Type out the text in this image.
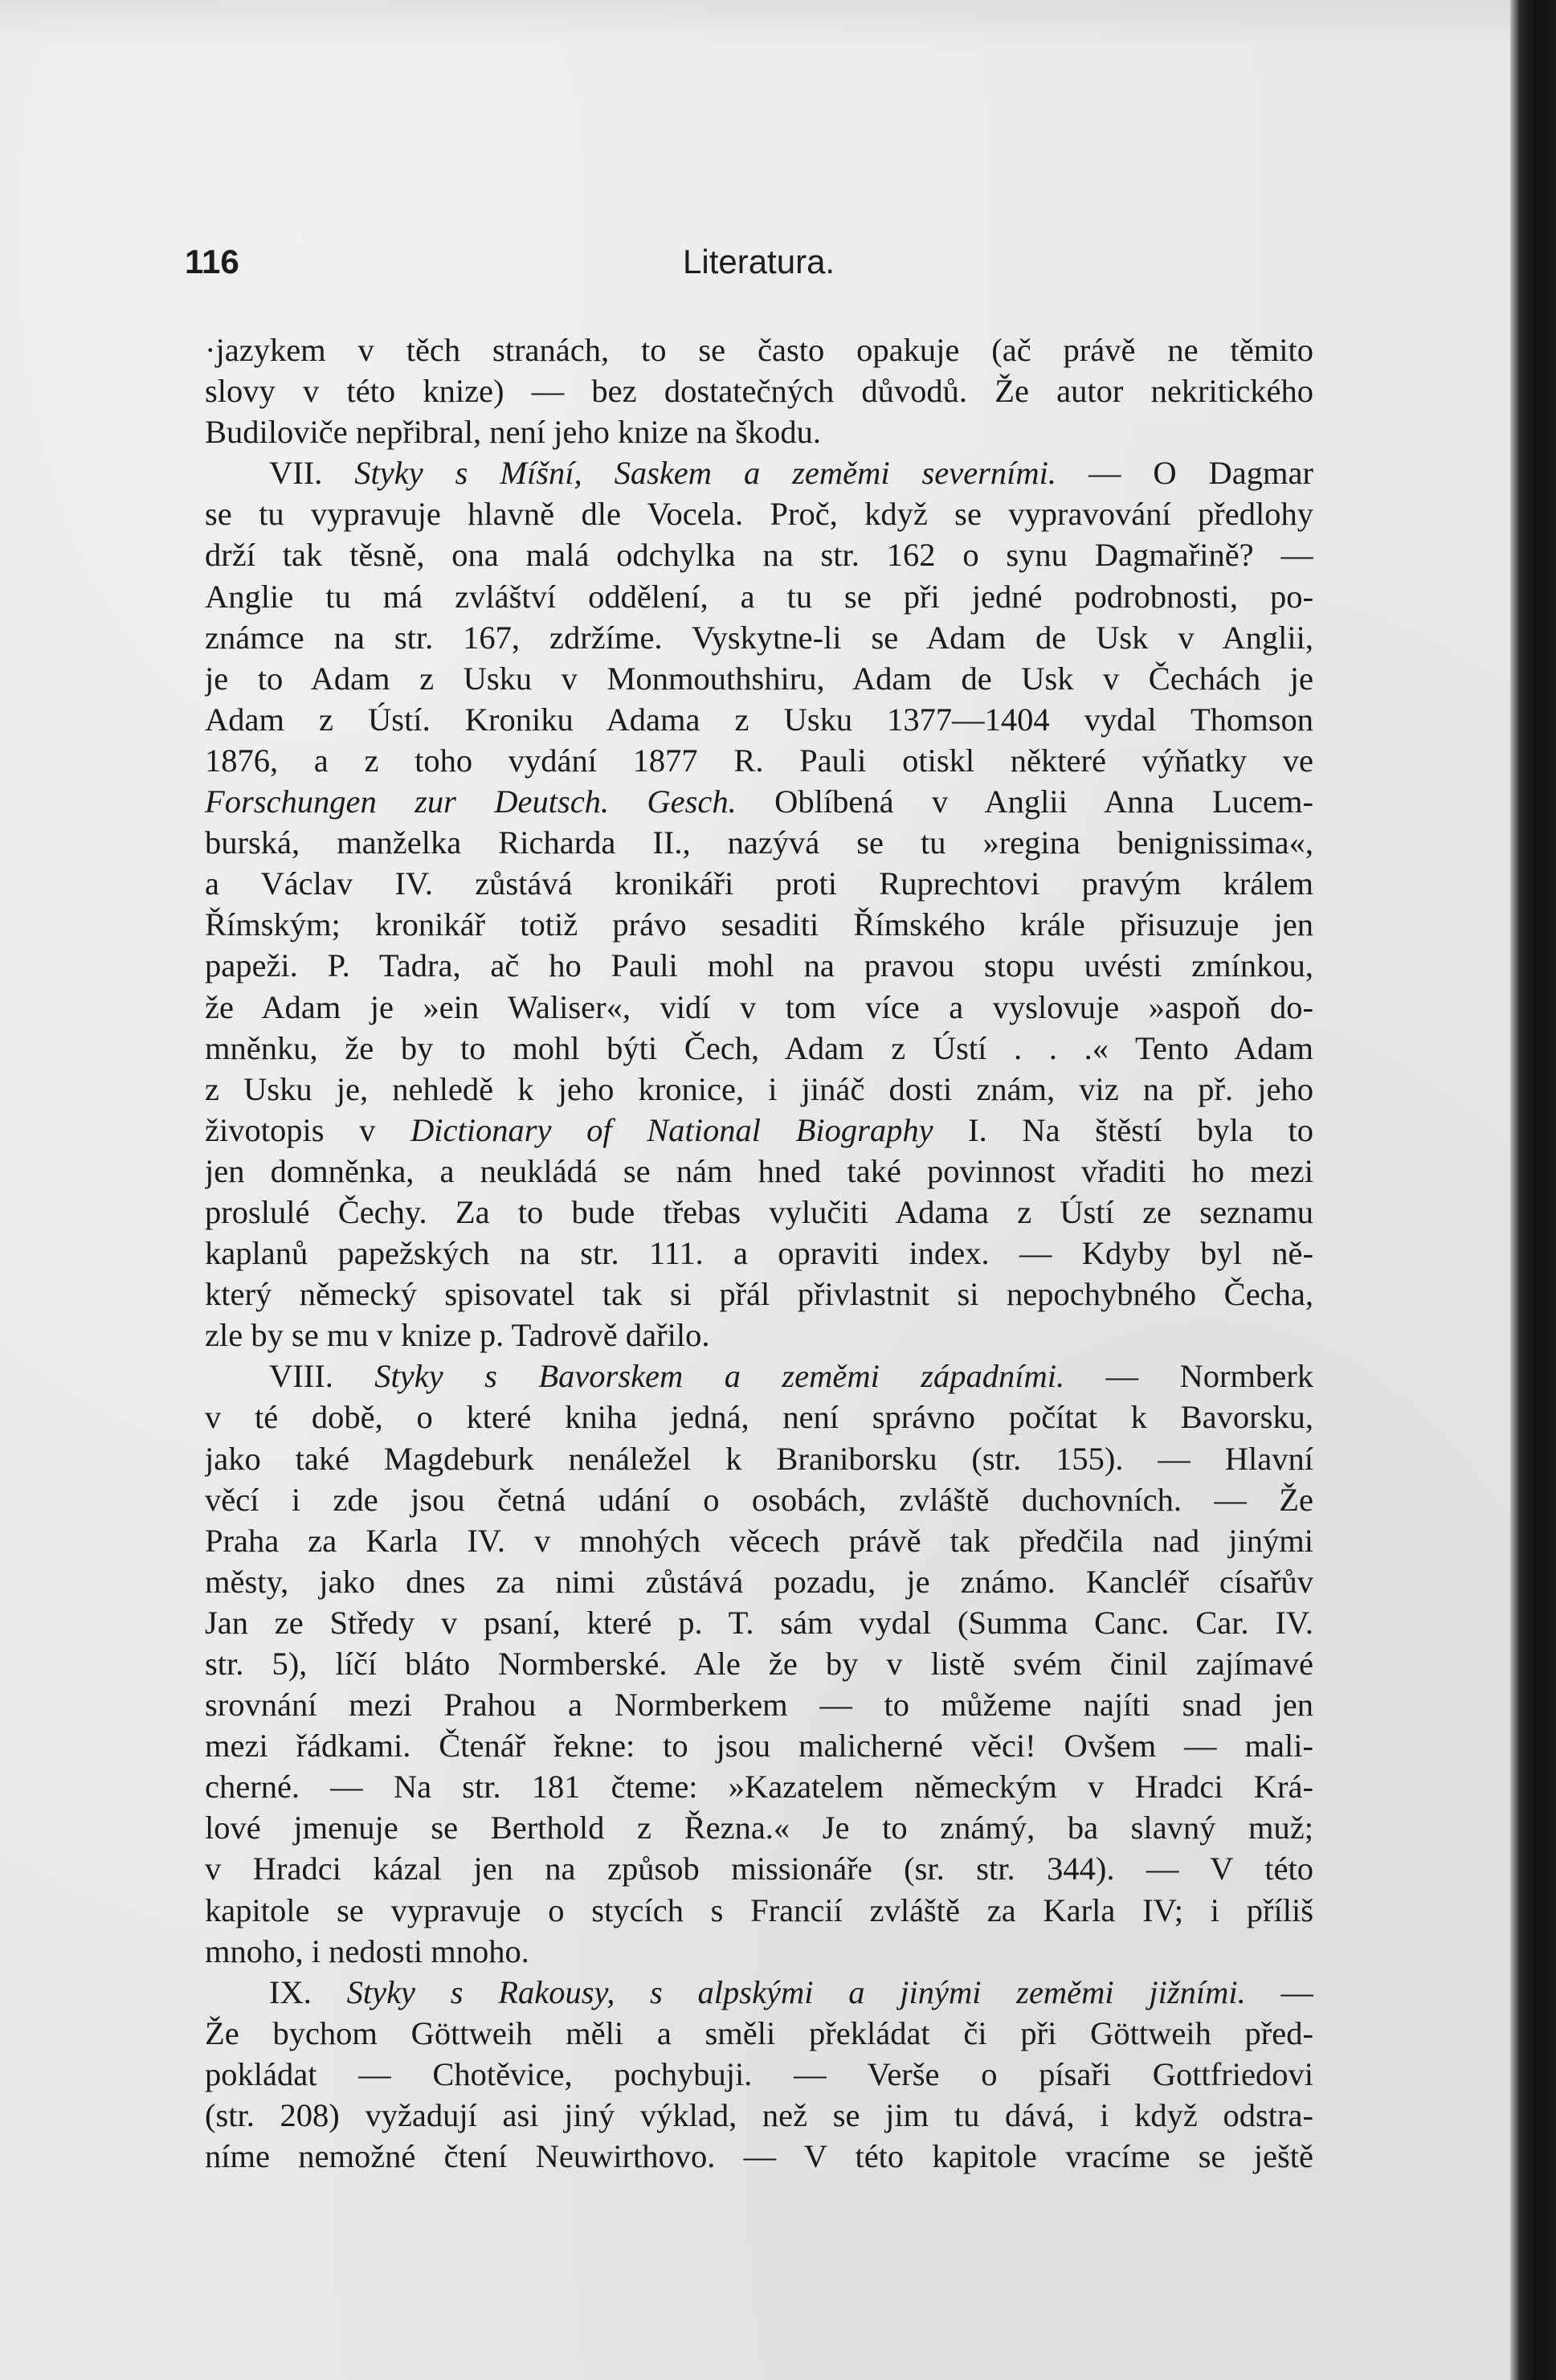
116	Literatura.
·jazykem v těch stranách, to se často opakuje (ač právě ne těmito
slovy v této knize) — bez dostatečných důvodů. Že autor nekritického
Budiloviče nepřibral, není jeho knize na škodu.
VII. Styky s Míšní, Saskem a zeměmi severními. — O Dagmar
se tu vypravuje hlavně dle Vocela. Proč, když se vypravování předlohy
drží tak těsně, ona malá odchylka na str. 162 o synu Dagmařině? —
Anglie tu má zvláštví oddělení, a tu se při jedné podrobnosti, po-
známce na str. 167, zdržíme. Vyskytne-li se Adam de Usk v Anglii,
je to Adam z Usku v Monmouthshiru, Adam de Usk v Čechách je
Adam z Ústí. Kroniku Adama z Usku 1377—1404 vydal Thomson
1876, a z toho vydání 1877 R. Pauli otiskl některé výňatky ve
Forschungen zur Deutsch. Gesch. Oblíbená v Anglii Anna Lucem-
burská, manželka Richarda II., nazývá se tu »regina benignissima«,
a Václav IV. zůstává kronikáři proti Ruprechtovi pravým králem
Římským; kronikář totiž právo sesaditi Římského krále přisuzuje jen
papeži. P. Tadra, ač ho Pauli mohl na pravou stopu uvésti zmínkou,
že Adam je »ein Waliser«, vidí v tom více a vyslovuje »aspoň do-
mněnku, že by to mohl býti Čech, Adam z Ústí . . .« Tento Adam
z Usku je, nehledě k jeho kronice, i jináč dosti znám, viz na př. jeho
životopis v Dictionary of National Biography I. Na štěstí byla to
jen domněnka, a neukládá se nám hned také povinnost vřaditi ho mezi
proslulé Čechy. Za to bude třebas vylučiti Adama z Ústí ze seznamu
kaplanů papežských na str. 111. a opraviti index. — Kdyby byl ně-
který německý spisovatel tak si přál přivlastnit si nepochybného Čecha,
zle by se mu v knize p. Tadrově dařilo.
VIII. Styky s Bavorskem a zeměmi západními. — Normberk
v té době, o které kniha jedná, není správno počítat k Bavorsku,
jako také Magdeburk nenáležel k Braniborsku (str. 155). — Hlavní
věcí i zde jsou četná udání o osobách, zvláště duchovních. — Že
Praha za Karla IV. v mnohých věcech právě tak předčila nad jinými
městy, jako dnes za nimi zůstává pozadu, je známo. Kancléř císařův
Jan ze Středy v psaní, které p. T. sám vydal (Summa Canc. Car. IV.
str. 5), líčí bláto Normberské. Ale že by v listě svém činil zajímavé
srovnání mezi Prahou a Normberkem — to můžeme najíti snad jen
mezi řádkami. Čtenář řekne: to jsou malicherné věci! Ovšem — mali-
cherné. — Na str. 181 čteme: »Kazatelem německým v Hradci Krá-
lové jmenuje se Berthold z Řezna.« Je to známý, ba slavný muž;
v Hradci kázal jen na způsob missionáře (sr. str. 344). — V této
kapitole se vypravuje o stycích s Francií zvláště za Karla IV; i příliš
mnoho, i nedosti mnoho.
IX. Styky s Rakousy, s alpskými a jinými zeměmi jižními. —
Že bychom Göttweih měli a směli překládat či při Göttweih před-
pokládat — Chotěvice, pochybuji. — Verše o písaři Gottfriedovi
(str. 208) vyžadují asi jiný výklad, než se jim tu dává, i když odstra-
níme nemožné čtení Neuwirthovo. — V této kapitole vracíme se ještě
